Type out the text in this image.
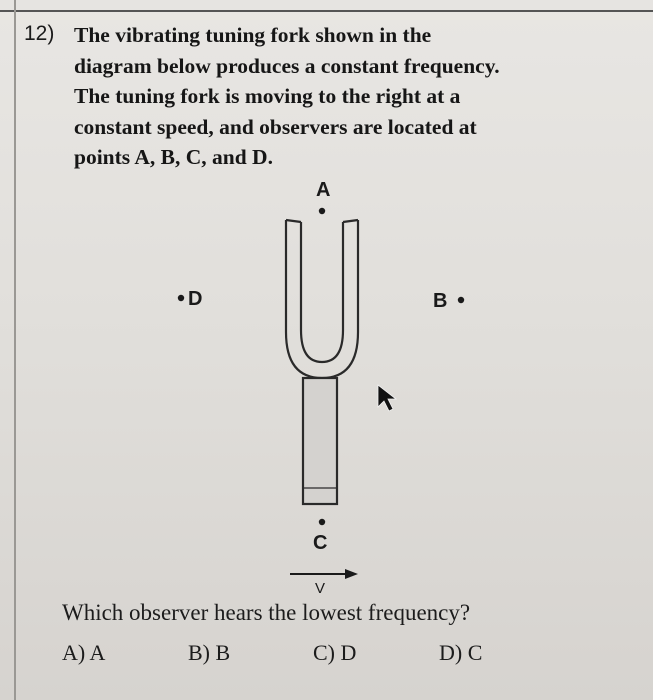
12) The vibrating tuning fork shown in the
diagram below produces a constant frequency.
The tuning fork is moving to the right at a
constant speed, and observers are located at
points A, B, C, and D.
A
D	B
C
V
Which observer hears the lowest frequency?
A) A	B) B	C) D	D) C
